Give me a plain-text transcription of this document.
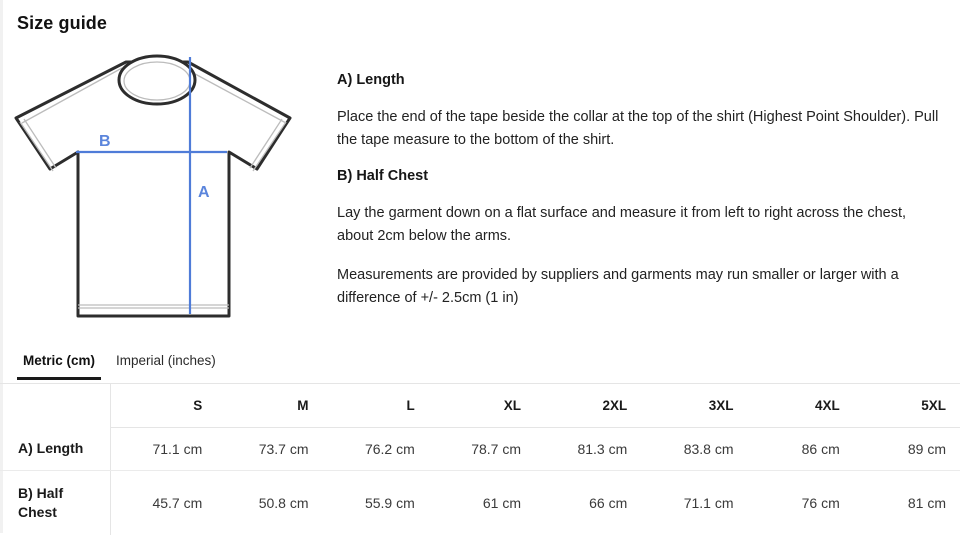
Size guide
B
A

A) Length

Place the end of the tape beside the collar at the top of the shirt (Highest Point Shoulder). Pull the tape measure to the bottom of the shirt.

B) Half Chest

Lay the garment down on a flat surface and measure it from left to right across the chest, about 2cm below the arms.

Measurements are provided by suppliers and garments may run smaller or larger with a difference of +/- 2.5cm (1 in)

Metric (cm)	Imperial (inches)
	S	M	L	XL	2XL	3XL	4XL	5XL
A) Length	71.1 cm	73.7 cm	76.2 cm	78.7 cm	81.3 cm	83.8 cm	86 cm	89 cm
B) Half Chest	45.7 cm	50.8 cm	55.9 cm	61 cm	66 cm	71.1 cm	76 cm	81 cm
